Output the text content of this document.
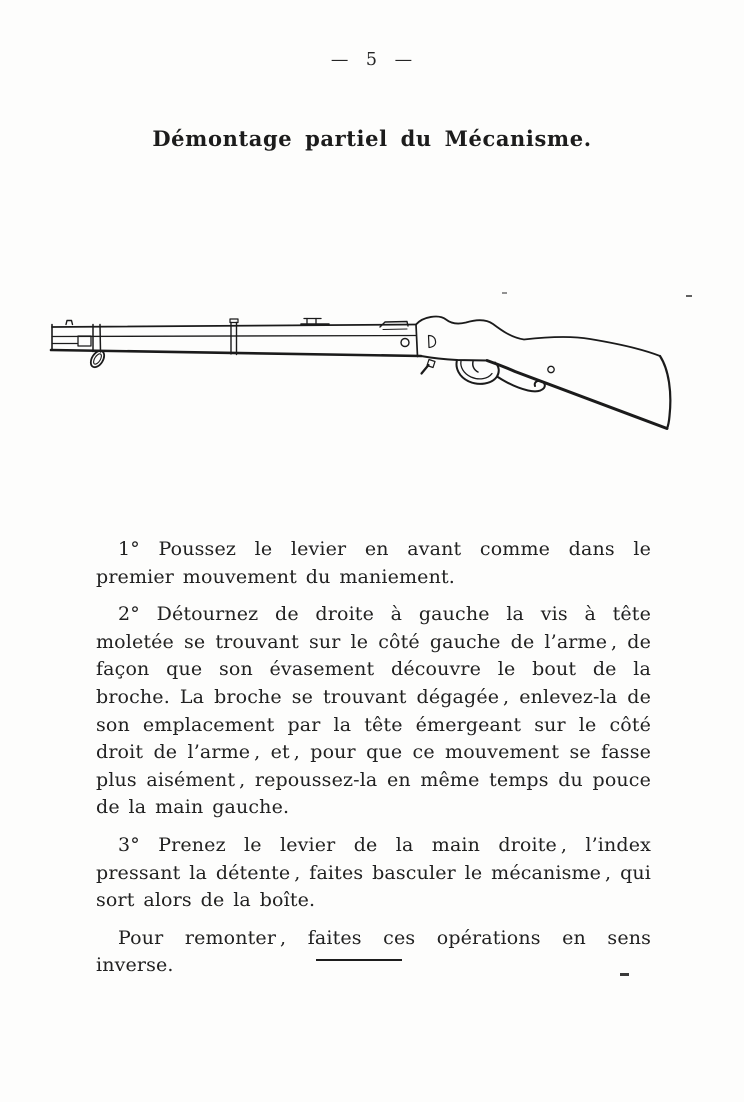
— 5 —
Démontage partiel du Mécanisme.

1° Poussez le levier en avant comme dans le premier mouvement du maniement.

2° Détournez de droite à gauche la vis à tête moletée se trouvant sur le côté gauche de l’arme , de façon que son évasement découvre le bout de la broche. La broche se trouvant dégagée , enlevez-la de son emplacement par la tête émergeant sur le côté droit de l’arme , et , pour que ce mouvement se fasse plus aisément , repoussez-la en même temps du pouce de la main gauche.

3° Prenez le levier de la main droite , l’index pressant la détente , faites basculer le mécanisme , qui sort alors de la boîte.

Pour remonter , faites ces opérations en sens inverse.
